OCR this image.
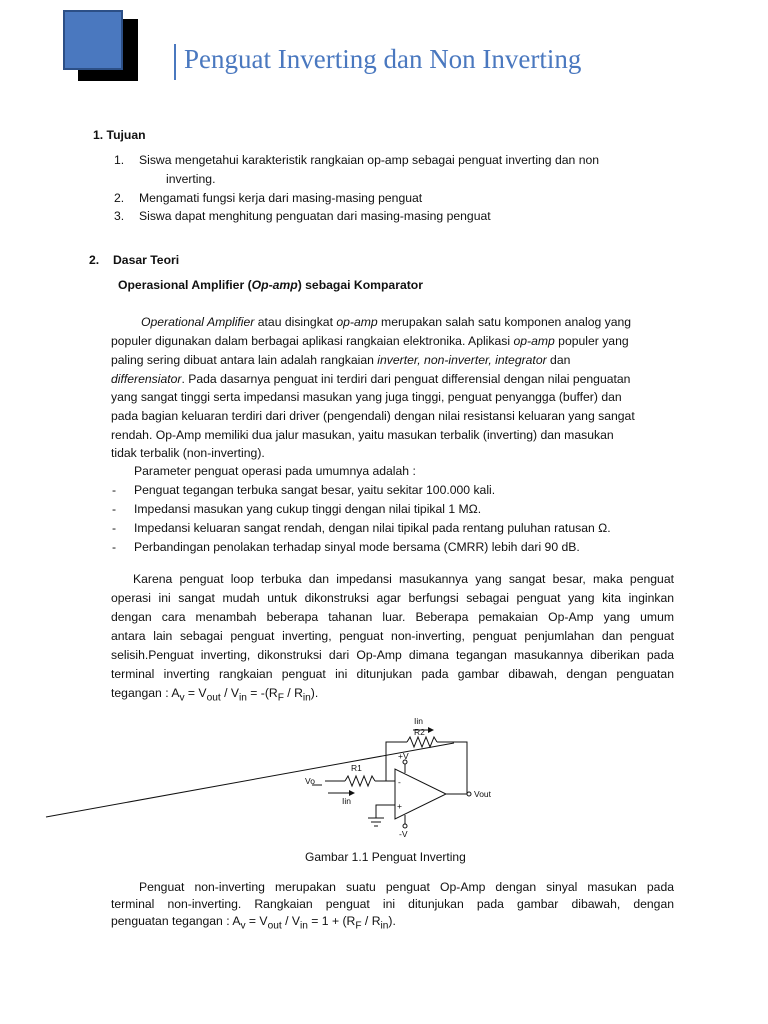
Penguat Inverting dan Non Inverting
1. Tujuan
1. Siswa mengetahui karakteristik rangkaian op-amp sebagai penguat inverting dan non
inverting.
2. Mengamati fungsi kerja dari masing-masing penguat
3. Siswa dapat menghitung penguatan dari masing-masing penguat
2. Dasar Teori
Operasional Amplifier (Op-amp) sebagai Komparator
Operational Amplifier atau disingkat op-amp merupakan salah satu komponen analog yang
populer digunakan dalam berbagai aplikasi rangkaian elektronika. Aplikasi op-amp populer yang
paling sering dibuat antara lain adalah rangkaian inverter, non-inverter, integrator dan
differensiator. Pada dasarnya penguat ini terdiri dari penguat differensial dengan nilai penguatan
yang sangat tinggi serta impedansi masukan yang juga tinggi, penguat penyangga (buffer) dan
pada bagian keluaran terdiri dari driver (pengendali) dengan nilai resistansi keluaran yang sangat
rendah. Op-Amp memiliki dua jalur masukan, yaitu masukan terbalik (inverting) dan masukan
tidak terbalik (non-inverting).
Parameter penguat operasi pada umumnya adalah :
- Penguat tegangan terbuka sangat besar, yaitu sekitar 100.000 kali.
- Impedansi masukan yang cukup tinggi dengan nilai tipikal 1 MΩ.
- Impedansi keluaran sangat rendah, dengan nilai tipikal pada rentang puluhan ratusan Ω.
- Perbandingan penolakan terhadap sinyal mode bersama (CMRR) lebih dari 90 dB.
Karena penguat loop terbuka dan impedansi masukannya yang sangat besar, maka penguat
operasi ini sangat mudah untuk dikonstruksi agar berfungsi sebagai penguat yang kita inginkan
dengan cara menambah beberapa tahanan luar. Beberapa pemakaian Op-Amp yang umum
antara lain sebagai penguat inverting, penguat non-inverting, penguat penjumlahan dan penguat
selisih.Penguat inverting, dikonstruksi dari Op-Amp dimana tegangan masukannya diberikan pada
terminal inverting rangkaian penguat ini ditunjukan pada gambar dibawah, dengan penguatan
tegangan : $A_v = V_{out} / V_{in} = -(R_F / R_{in})$.
Iin
R2
+V
R1
Vo
Iin
-
+
Vout
-V
Gambar 1.1 Penguat Inverting
Penguat non-inverting merupakan suatu penguat Op-Amp dengan sinyal masukan pada
terminal non-inverting. Rangkaian penguat ini ditunjukan pada gambar dibawah, dengan
penguatan tegangan : $A_v = V_{out} / V_{in} = 1 + (R_F / R_{in})$.
